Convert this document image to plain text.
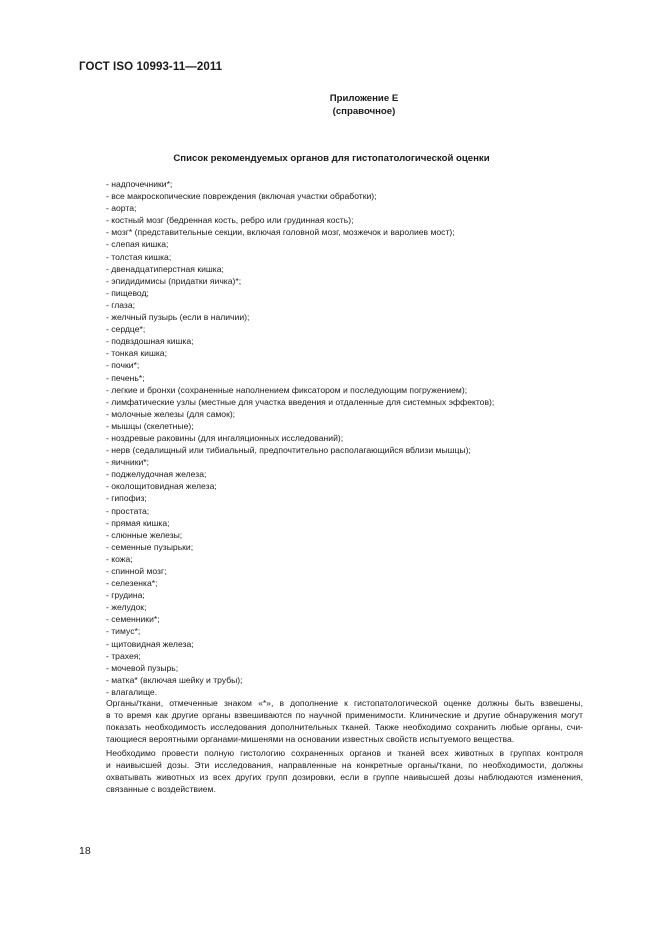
ГОСТ ISO 10993-11—2011
Приложение Е
(справочное)
Список рекомендуемых органов для гистопатологической оценки
- надпочечники*;
- все макроскопические повреждения (включая участки обработки);
- аорта;
- костный мозг (бедренная кость, ребро или грудинная кость);
- мозг* (представительные секции, включая головной мозг, мозжечок и варолиев мост);
- слепая кишка;
- толстая кишка;
- двенадцатиперстная кишка;
- эпидидимисы (придатки яичка)*;
- пищевод;
- глаза;
- желчный пузырь (если в наличии);
- сердце*;
- подвздошная кишка;
- тонкая кишка;
- почки*;
- печень*;
- легкие и бронхи (сохраненные наполнением фиксатором и последующим погружением);
- лимфатические узлы (местные для участка введения и отдаленные для системных эффектов);
- молочные железы (для самок);
- мышцы (скелетные);
- ноздревые раковины (для ингаляционных исследований);
- нерв (седалищный или тибиальный, предпочтительно располагающийся вблизи мышцы);
- яичники*;
- поджелудочная железа;
- околощитовидная железа;
- гипофиз;
- простата;
- прямая кишка;
- слюнные железы;
- семенные пузырьки;
- кожа;
- спинной мозг;
- селезенка*;
- грудина;
- желудок;
- семенники*;
- тимус*;
- щитовидная железа;
- трахея;
- мочевой пузырь;
- матка* (включая шейку и трубы);
- влагалище.

Органы/ткани, отмеченные знаком «*», в дополнение к гистопатологической оценке должны быть взвешены,
в то время как другие органы взвешиваются по научной применимости. Клинические и другие обнаружения могут
показать необходимость исследования дополнительных тканей. Также необходимо сохранить любые органы, счи-
тающиеся вероятными органами-мишенями на основании известных свойств испытуемого вещества.

Необходимо провести полную гистологию сохраненных органов и тканей всех животных в группах контроля
и наивысшей дозы. Эти исследования, направленные на конкретные органы/ткани, по необходимости, должны
охватывать животных из всех других групп дозировки, если в группе наивысшей дозы наблюдаются изменения,
связанные с воздействием.

18
